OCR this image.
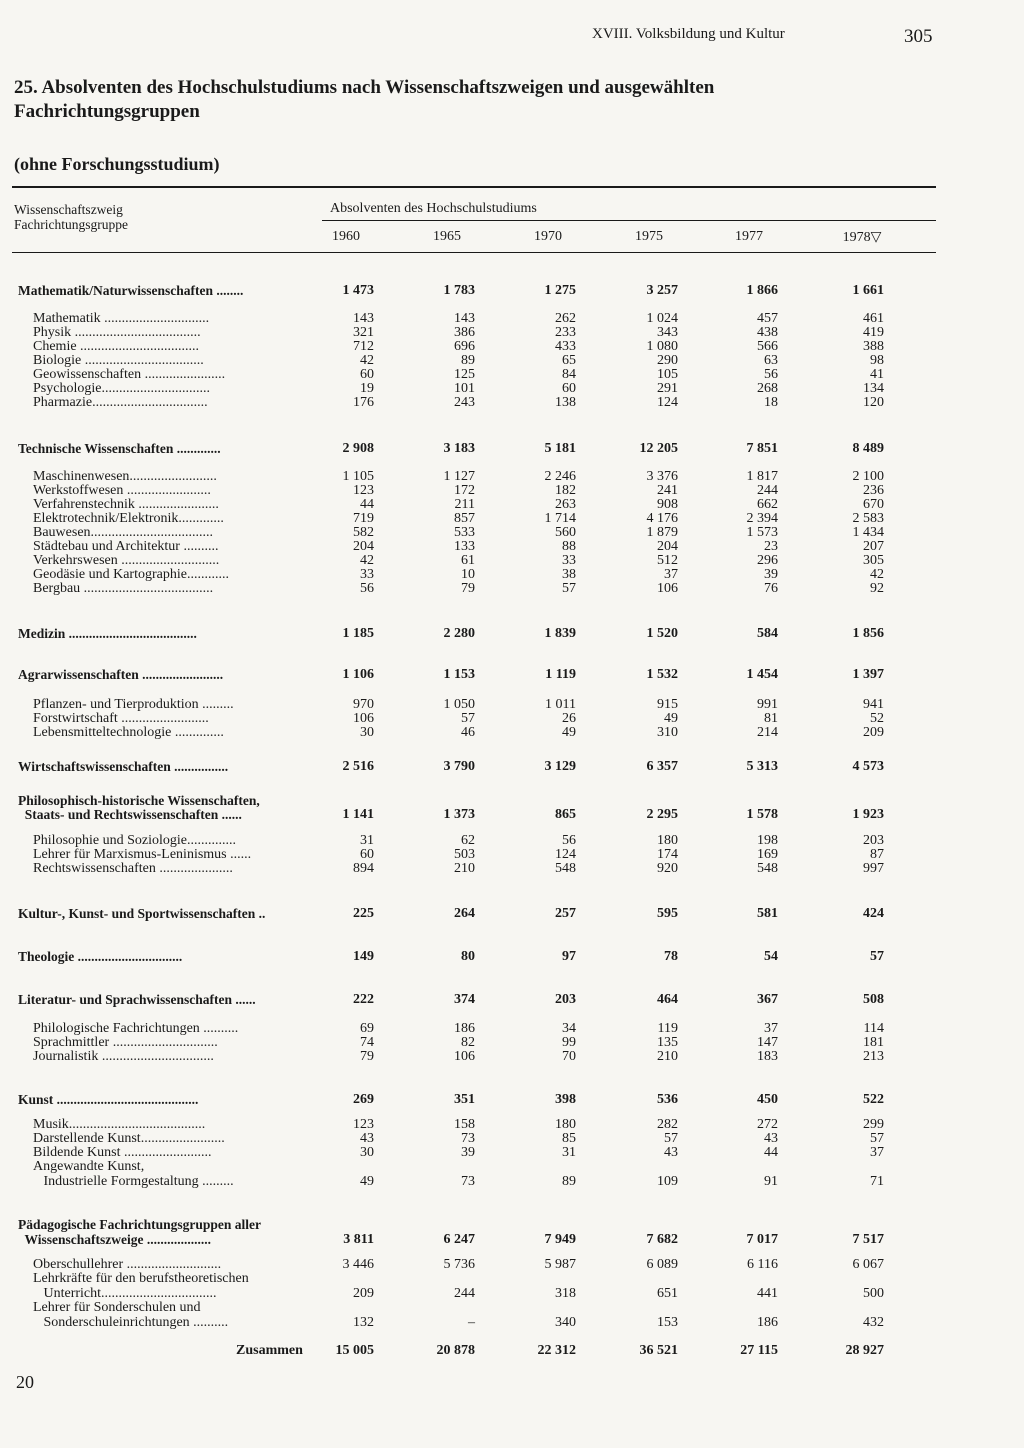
XVIII. Volksbildung und Kultur	305
25. Absolventen des Hochschulstudiums nach Wissenschaftszweigen und ausgewählten Fachrichtungsgruppen
(ohne Forschungsstudium)
Wissenschaftszweig
Fachrichtungsgruppe
Absolventen des Hochschulstudiums
1960	1965	1970	1975	1977	1978▽
Mathematik/Naturwissenschaften ........	1 473	1 783	1 275	3 257	1 866	1 661
Mathematik ..............................	143	143	262	1 024	457	461
Physik ....................................	321	386	233	343	438	419
Chemie ..................................	712	696	433	1 080	566	388
Biologie ..................................	42	89	65	290	63	98
Geowissenschaften .......................	60	125	84	105	56	41
Psychologie...............................	19	101	60	291	268	134
Pharmazie.................................	176	243	138	124	18	120
Technische Wissenschaften .............	2 908	3 183	5 181	12 205	7 851	8 489
Maschinenwesen.........................	1 105	1 127	2 246	3 376	1 817	2 100
Werkstoffwesen ........................	123	172	182	241	244	236
Verfahrenstechnik .......................	44	211	263	908	662	670
Elektrotechnik/Elektronik.............	719	857	1 714	4 176	2 394	2 583
Bauwesen...................................	582	533	560	1 879	1 573	1 434
Städtebau und Architektur ..........	204	133	88	204	23	207
Verkehrswesen ............................	42	61	33	512	296	305
Geodäsie und Kartographie............	33	10	38	37	39	42
Bergbau .....................................	56	79	57	106	76	92
Medizin ......................................	1 185	2 280	1 839	1 520	584	1 856
Agrarwissenschaften ........................	1 106	1 153	1 119	1 532	1 454	1 397
Pflanzen- und Tierproduktion .........	970	1 050	1 011	915	991	941
Forstwirtschaft .........................	106	57	26	49	81	52
Lebensmitteltechnologie ..............	30	46	49	310	214	209
Wirtschaftswissenschaften ................	2 516	3 790	3 129	6 357	5 313	4 573
Philosophisch-historische Wissenschaften,
Staats- und Rechtswissenschaften ......	1 141	1 373	865	2 295	1 578	1 923
Philosophie und Soziologie..............	31	62	56	180	198	203
Lehrer für Marxismus-Leninismus ......	60	503	124	174	169	87
Rechtswissenschaften .....................	894	210	548	920	548	997
Kultur-, Kunst- und Sportwissenschaften ..	225	264	257	595	581	424
Theologie ...............................	149	80	97	78	54	57
Literatur- und Sprachwissenschaften ......	222	374	203	464	367	508
Philologische Fachrichtungen ..........	69	186	34	119	37	114
Sprachmittler ..............................	74	82	99	135	147	181
Journalistik ................................	79	106	70	210	183	213
Kunst ..........................................	269	351	398	536	450	522
Musik.......................................	123	158	180	282	272	299
Darstellende Kunst........................	43	73	85	57	43	57
Bildende Kunst .........................	30	39	31	43	44	37
Angewandte Kunst,
Industrielle Formgestaltung .........	49	73	89	109	91	71
Pädagogische Fachrichtungsgruppen aller
Wissenschaftszweige ...................	3 811	6 247	7 949	7 682	7 017	7 517
Oberschullehrer ...........................	3 446	5 736	5 987	6 089	6 116	6 067
Lehrkräfte für den berufstheoretischen
Unterricht.................................	209	244	318	651	441	500
Lehrer für Sonderschulen und
Sonderschuleinrichtungen ..........	132	–	340	153	186	432
Zusammen	15 005	20 878	22 312	36 521	27 115	28 927
20
